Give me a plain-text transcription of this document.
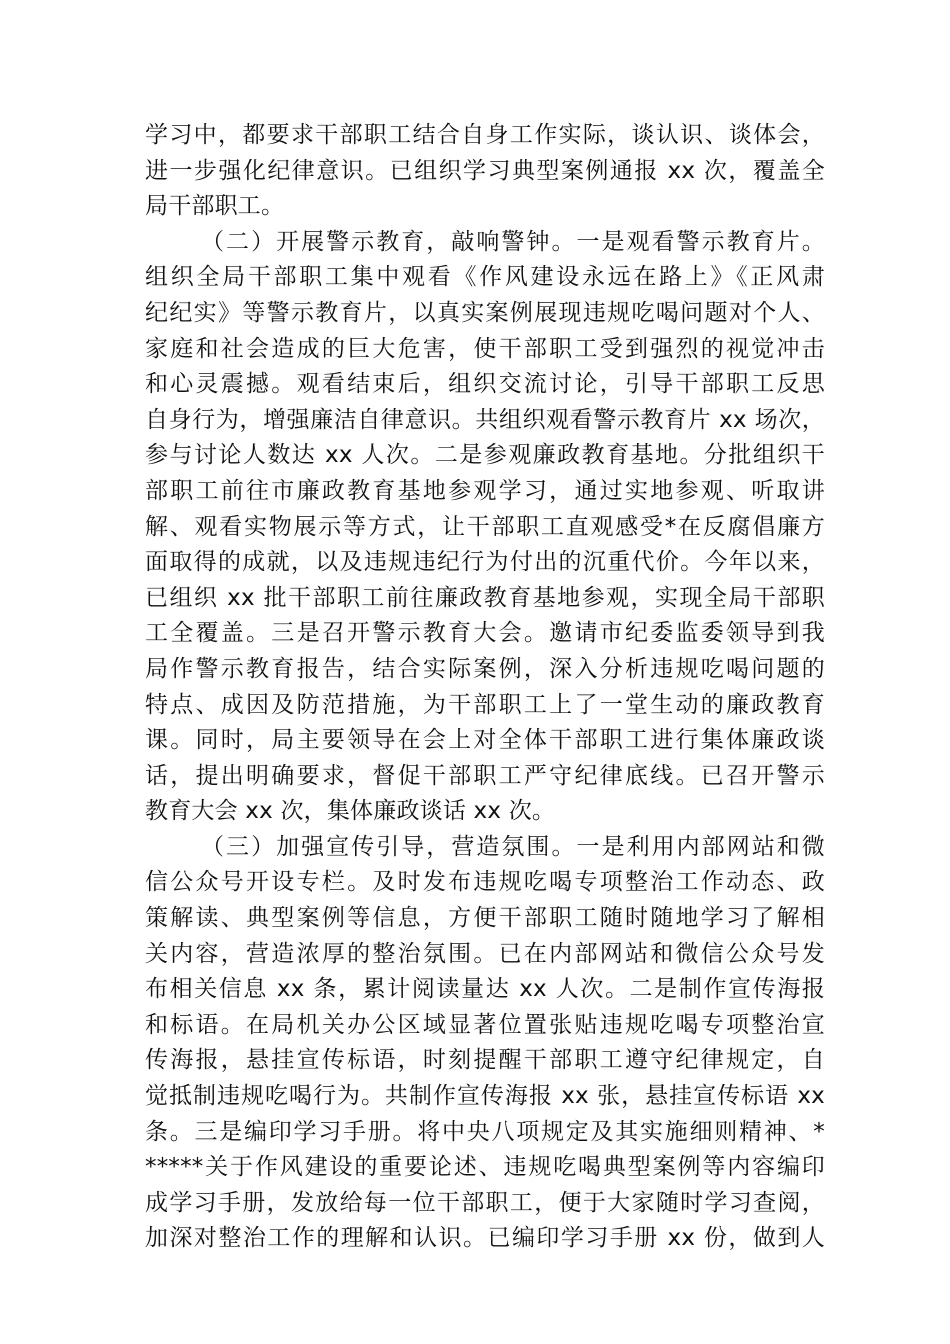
学习中，都要求干部职工结合自身工作实际，谈认识、谈体会，
进一步强化纪律意识。已组织学习典型案例通报 xx 次，覆盖全
局干部职工。
（二）开展警示教育，敲响警钟。一是观看警示教育片。
组织全局干部职工集中观看《作风建设永远在路上》《正风肃
纪纪实》等警示教育片，以真实案例展现违规吃喝问题对个人、
家庭和社会造成的巨大危害，使干部职工受到强烈的视觉冲击
和心灵震撼。观看结束后，组织交流讨论，引导干部职工反思
自身行为，增强廉洁自律意识。共组织观看警示教育片 xx 场次，
参与讨论人数达 xx 人次。二是参观廉政教育基地。分批组织干
部职工前往市廉政教育基地参观学习，通过实地参观、听取讲
解、观看实物展示等方式，让干部职工直观感受*在反腐倡廉方
面取得的成就，以及违规违纪行为付出的沉重代价。今年以来，
已组织 xx 批干部职工前往廉政教育基地参观，实现全局干部职
工全覆盖。三是召开警示教育大会。邀请市纪委监委领导到我
局作警示教育报告，结合实际案例，深入分析违规吃喝问题的
特点、成因及防范措施，为干部职工上了一堂生动的廉政教育
课。同时，局主要领导在会上对全体干部职工进行集体廉政谈
话，提出明确要求，督促干部职工严守纪律底线。已召开警示
教育大会 xx 次，集体廉政谈话 xx 次。
（三）加强宣传引导，营造氛围。一是利用内部网站和微
信公众号开设专栏。及时发布违规吃喝专项整治工作动态、政
策解读、典型案例等信息，方便干部职工随时随地学习了解相
关内容，营造浓厚的整治氛围。已在内部网站和微信公众号发
布相关信息 xx 条，累计阅读量达 xx 人次。二是制作宣传海报
和标语。在局机关办公区域显著位置张贴违规吃喝专项整治宣
传海报，悬挂宣传标语，时刻提醒干部职工遵守纪律规定，自
觉抵制违规吃喝行为。共制作宣传海报 xx 张，悬挂宣传标语 xx
条。三是编印学习手册。将中央八项规定及其实施细则精神、*
*****关于作风建设的重要论述、违规吃喝典型案例等内容编印
成学习手册，发放给每一位干部职工，便于大家随时学习查阅，
加深对整治工作的理解和认识。已编印学习手册 xx 份，做到人
